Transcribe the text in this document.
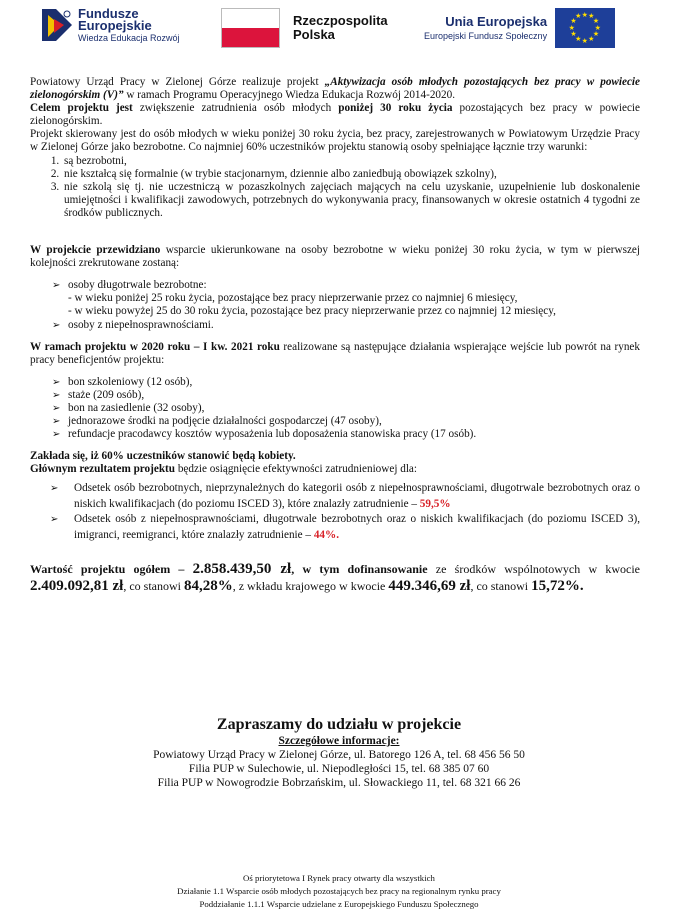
Fundusze
Europejskie
Wiedza Edukacja Rozwój
Rzeczpospolita
Polska
Unia Europejska
Europejski Fundusz Społeczny
★ ★
★
★
★
★
★
★
★
★
★
★

Powiatowy Urząd Pracy w Zielonej Górze realizuje projekt „Aktywizacja osób młodych pozostających bez pracy w powiecie zielonogórskim (V)” w ramach Programu Operacyjnego Wiedza Edukacja Rozwój 2014-2020.

Celem projektu jest zwiększenie zatrudnienia osób młodych poniżej 30 roku życia pozostających bez pracy w powiecie zielonogórskim.

Projekt skierowany jest do osób młodych w wieku poniżej 30 roku życia, bez pracy, zarejestrowanych w Powiatowym Urzędzie Pracy w Zielonej Górze jako bezrobotne. Co najmniej 60% uczestników projektu stanowią osoby spełniające łącznie trzy warunki:

1. są bezrobotni,
2. nie kształcą się formalnie (w trybie stacjonarnym, dziennie albo zaniedbują obowiązek szkolny),
3. nie szkolą się tj. nie uczestniczą w pozaszkolnych zajęciach mających na celu uzyskanie, uzupełnienie lub doskonalenie umiejętności i kwalifikacji zawodowych, potrzebnych do wykonywania pracy, finansowanych w okresie ostatnich 4 tygodni ze środków publicznych.

W projekcie przewidziano wsparcie ukierunkowane na osoby bezrobotne w wieku poniżej 30 roku życia, w tym w pierwszej kolejności zrekrutowane zostaną:

➢ osoby długotrwale bezrobotne:
- w wieku poniżej 25 roku życia, pozostające bez pracy nieprzerwanie przez co najmniej 6 miesięcy,
- w wieku powyżej 25 do 30 roku życia, pozostające bez pracy nieprzerwanie przez co najmniej 12 miesięcy,
➢ osoby z niepełnosprawnościami.

W ramach projektu w 2020 roku – I kw. 2021 roku realizowane są następujące działania wspierające wejście lub powrót na rynek pracy beneficjentów projektu:

➢ bon szkoleniowy (12 osób),
➢ staże (209 osób),
➢ bon na zasiedlenie (32 osoby),
➢ jednorazowe środki na podjęcie działalności gospodarczej (47 osoby),
➢ refundacje pracodawcy kosztów wyposażenia lub doposażenia stanowiska pracy (17 osób).

Zakłada się, iż 60% uczestników stanowić będą kobiety.

Głównym rezultatem projektu będzie osiągnięcie efektywności zatrudnieniowej dla:

➢ Odsetek osób bezrobotnych, nieprzynależnych do kategorii osób z niepełnosprawnościami, długotrwale bezrobotnych oraz o niskich kwalifikacjach (do poziomu ISCED 3), które znalazły zatrudnienie – 59,5%
➢ Odsetek osób z niepełnosprawnościami, długotrwale bezrobotnych oraz o niskich kwalifikacjach (do poziomu ISCED 3), imigranci, reemigranci, które znalazły zatrudnienie – 44%.

Wartość projektu ogółem – 2.858.439,50 zł, w tym dofinansowanie ze środków wspólnotowych w kwocie 2.409.092,81 zł, co stanowi 84,28%, z wkładu krajowego w kwocie 449.346,69 zł, co stanowi 15,72%.

Zapraszamy do udziału w projekcie
Szczegółowe informacje:
Powiatowy Urząd Pracy w Zielonej Górze, ul. Batorego 126 A, tel. 68 456 56 50
Filia PUP w Sulechowie, ul. Niepodległości 15, tel. 68 385 07 60
Filia PUP w Nowogrodzie Bobrzańskim, ul. Słowackiego 11, tel. 68 321 66 26
Oś priorytetowa I Rynek pracy otwarty dla wszystkich
Działanie 1.1 Wsparcie osób młodych pozostających bez pracy na regionalnym rynku pracy
Poddziałanie 1.1.1 Wsparcie udzielane z Europejskiego Funduszu Społecznego
